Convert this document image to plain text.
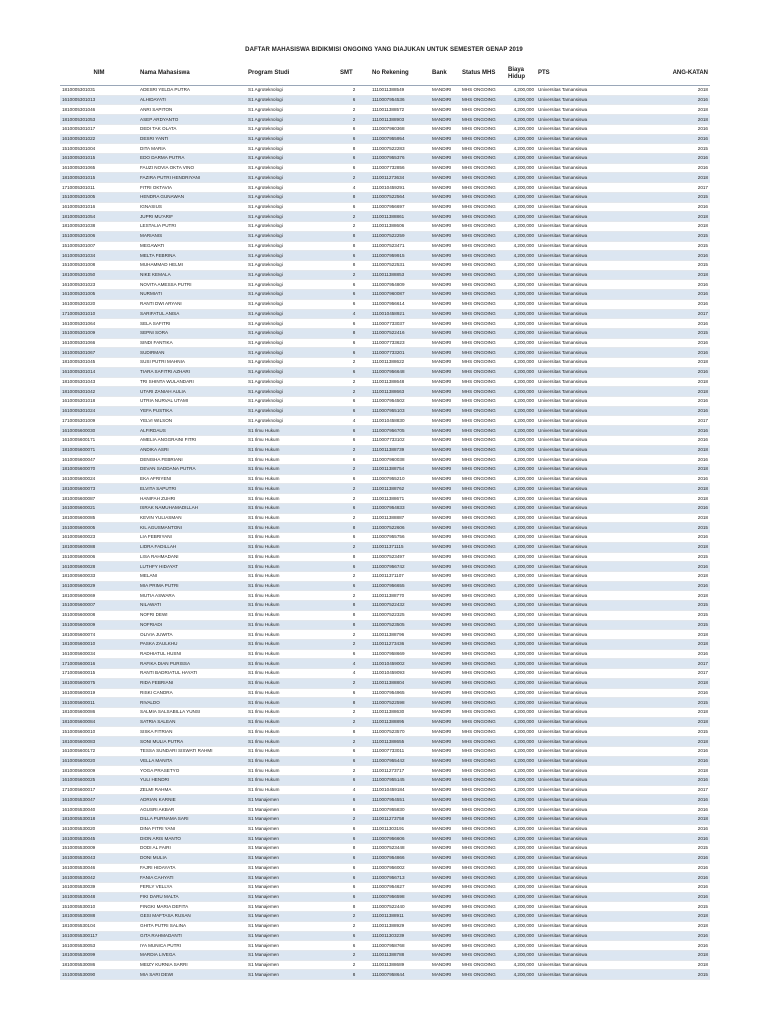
DAFTAR MAHASISWA BIDIKMISI ONGOING YANG DIAJUKAN UNTUK SEMESTER GENAP 2019
NIM	Nama Mahasiswa	Program Studi	SMT	No Rekening	Bank	Status MHS	Biaya Hidup	PTS	ANG-KATAN
1810005301031	ADESRI YELDA PUTRA	S1 Agroteknologi	2	1110011388549	MANDIRI	MHS ONGOING	4,200,000	Universitas Tamansiswa	2018
1610005301013	ALHIDAYATI	S1 Agroteknologi	6	1110007954536	MANDIRI	MHS ONGOING	4,200,000	Universitas Tamansiswa	2016
1810005301046	ANRI SAPITON	S1 Agroteknologi	2	1110011388572	MANDIRI	MHS ONGOING	4,200,000	Universitas Tamansiswa	2018
1810005301053	ASEP ARDYANTO	S1 Agroteknologi	2	1110011388903	MANDIRI	MHS ONGOING	4,200,000	Universitas Tamansiswa	2018
1610005301017	DEDI TAK OLATA	S1 Agroteknologi	6	1110007960368	MANDIRI	MHS ONGOING	4,200,000	Universitas Tamansiswa	2016
1610005301022	DESRI YANTI	S1 Agroteknologi	6	1110007955954	MANDIRI	MHS ONGOING	4,200,000	Universitas Tamansiswa	2016
1510005301004	DITA MARIA	S1 Agroteknologi	8	1110007522283	MANDIRI	MHS ONGOING	4,200,000	Universitas Tamansiswa	2015
1610005301015	EDO DARMA PUTRA	S1 Agroteknologi	6	1110007955376	MANDIRI	MHS ONGOING	4,200,000	Universitas Tamansiswa	2016
1610005301065	FAUZI NOVIA OKTA VINO	S1 Agroteknologi	6	1110007732856	MANDIRI	MHS ONGOING	4,200,000	Universitas Tamansiswa	2016
1810005301015	FAZIRA PUTRI HENDRIYANI	S1 Agroteknologi	2	1110011273634	MANDIRI	MHS ONGOING	4,200,000	Universitas Tamansiswa	2018
1710005301011	FITRI OKTAVIA	S1 Agroteknologi	4	1110010459291	MANDIRI	MHS ONGOING	4,200,000	Universitas Tamansiswa	2017
1510005301005	HENDRA GUNAWAN	S1 Agroteknologi	8	1110007522564	MANDIRI	MHS ONGOING	4,200,000	Universitas Tamansiswa	2015
1610005301016	IGNASIUS	S1 Agroteknologi	6	1110007956697	MANDIRI	MHS ONGOING	4,200,000	Universitas Tamansiswa	2016
1810005301054	JUPRI MU'ARIF	S1 Agroteknologi	2	1110011388861	MANDIRI	MHS ONGOING	4,200,000	Universitas Tamansiswa	2018
1810005301038	LESTALIA PUTRI	S1 Agroteknologi	2	1110011388606	MANDIRI	MHS ONGOING	4,200,000	Universitas Tamansiswa	2018
1510005301006	MARIANIS	S1 Agroteknologi	8	1110007522259	MANDIRI	MHS ONGOING	4,200,000	Universitas Tamansiswa	2015
1510005301007	MEGAWATI	S1 Agroteknologi	8	1110007523471	MANDIRI	MHS ONGOING	4,200,000	Universitas Tamansiswa	2015
1610005301034	MELTA FEBRINA	S1 Agroteknologi	6	1110007959915	MANDIRI	MHS ONGOING	4,200,000	Universitas Tamansiswa	2016
1510005301008	MUHAMMAD HELMI	S1 Agroteknologi	8	1110007522531	MANDIRI	MHS ONGOING	4,200,000	Universitas Tamansiswa	2015
1810005301050	NIKE KEMALA	S1 Agroteknologi	2	1110011388853	MANDIRI	MHS ONGOING	4,200,000	Universitas Tamansiswa	2018
1610005301023	NOVITA AMESSA PUTRI	S1 Agroteknologi	6	1110007954809	MANDIRI	MHS ONGOING	4,200,000	Universitas Tamansiswa	2016
1610005301005	NURMIATI	S1 Agroteknologi	6	1110007960087	MANDIRI	MHS ONGOING	4,200,000	Universitas Tamansiswa	2016
1610005301020	RANTI DWI ARYANI	S1 Agroteknologi	6	1110007956614	MANDIRI	MHS ONGOING	4,200,000	Universitas Tamansiswa	2016
1710005301010	SARIFATUL ANISA	S1 Agroteknologi	4	1110010458921	MANDIRI	MHS ONGOING	4,200,000	Universitas Tamansiswa	2017
1610005301064	SELA SAFITRI	S1 Agroteknologi	6	1110007733037	MANDIRI	MHS ONGOING	4,200,000	Universitas Tamansiswa	2016
1510005301009	SEPNI SORA	S1 Agroteknologi	8	1110007522416	MANDIRI	MHS ONGOING	4,200,000	Universitas Tamansiswa	2015
1610005301066	SINDI FANTIKA	S1 Agroteknologi	6	1110007733623	MANDIRI	MHS ONGOING	4,200,000	Universitas Tamansiswa	2016
1610005301067	SUDIRMAN	S1 Agroteknologi	6	1110007733201	MANDIRI	MHS ONGOING	4,200,000	Universitas Tamansiswa	2016
1810005301045	SUSI PUTRI MAHNIA	S1 Agroteknologi	2	1110011388622	MANDIRI	MHS ONGOING	4,200,000	Universitas Tamansiswa	2018
1610005301014	TIARA SAFITRI AZHARI	S1 Agroteknologi	6	1110007956648	MANDIRI	MHS ONGOING	4,200,000	Universitas Tamansiswa	2016
1810005301043	TRI SHINTA WULANDARI	S1 Agroteknologi	2	1110011388648	MANDIRI	MHS ONGOING	4,200,000	Universitas Tamansiswa	2018
1810005301042	UTARI ZANIAH AULIA	S1 Agroteknologi	2	1110011388663	MANDIRI	MHS ONGOING	4,200,000	Universitas Tamansiswa	2018
1610005301018	UTRIA NURVAL UTAMI	S1 Agroteknologi	6	1110007954502	MANDIRI	MHS ONGOING	4,200,000	Universitas Tamansiswa	2016
1610005301024	YEFA PUSTIKA	S1 Agroteknologi	6	1110007955103	MANDIRI	MHS ONGOING	4,200,000	Universitas Tamansiswa	2016
1710005301009	YELVI WILSON	S1 Agroteknologi	4	1110010458830	MANDIRI	MHS ONGOING	4,200,000	Universitas Tamansiswa	2017
1610005600030	ALFIRDAUS	S1 Ilmu Hukum	6	1110007956705	MANDIRI	MHS ONGOING	4,200,000	Universitas Tamansiswa	2016
1610005600171	AMELIA ANGGRAINI FITRI	S1 Ilmu Hukum	6	1110007733102	MANDIRI	MHS ONGOING	4,200,000	Universitas Tamansiswa	2016
1810005600071	ANDIKA ASRI	S1 Ilmu Hukum	2	1110011388739	MANDIRI	MHS ONGOING	4,200,000	Universitas Tamansiswa	2018
1610005600047	DENISHA FEBRIANI	S1 Ilmu Hukum	6	1110007960038	MANDIRI	MHS ONGOING	4,200,000	Universitas Tamansiswa	2016
1810005600070	DEVAN SADDANA PUTRA	S1 Ilmu Hukum	2	1110011388754	MANDIRI	MHS ONGOING	4,200,000	Universitas Tamansiswa	2018
1610005600024	EKA AFRIYENI	S1 Ilmu Hukum	6	1110007955210	MANDIRI	MHS ONGOING	4,200,000	Universitas Tamansiswa	2016
1810005600073	ELVITA SAPUTRI	S1 Ilmu Hukum	2	1110011388762	MANDIRI	MHS ONGOING	4,200,000	Universitas Tamansiswa	2018
1810005600087	HANIFAH ZUHRI	S1 Ilmu Hukum	2	1110011388671	MANDIRI	MHS ONGOING	4,200,000	Universitas Tamansiswa	2018
1610005600021	ISRAK NAMUHAMADILLAH	S1 Ilmu Hukum	6	1110007954833	MANDIRI	MHS ONGOING	4,200,000	Universitas Tamansiswa	2016
1810005600085	KEVIN YULIASMAN	S1 Ilmu Hukum	2	1110011388887	MANDIRI	MHS ONGOING	4,200,000	Universitas Tamansiswa	2018
1510005600005	KIL AGUSMANTONI	S1 Ilmu Hukum	8	1110007522606	MANDIRI	MHS ONGOING	4,200,000	Universitas Tamansiswa	2015
1610005600023	LIA FEBRIYANI	S1 Ilmu Hukum	6	1110007955756	MANDIRI	MHS ONGOING	4,200,000	Universitas Tamansiswa	2016
1810005600088	LIDRA FADILLAH	S1 Ilmu Hukum	2	1110011371115	MANDIRI	MHS ONGOING	4,200,000	Universitas Tamansiswa	2018
1510005600006	LISA RAHMADANI	S1 Ilmu Hukum	8	1110007523497	MANDIRI	MHS ONGOING	4,200,000	Universitas Tamansiswa	2015
1610005600028	LUTHFY HIDAYAT	S1 Ilmu Hukum	6	1110007956742	MANDIRI	MHS ONGOING	4,200,000	Universitas Tamansiswa	2016
1810005600033	MELANI	S1 Ilmu Hukum	2	1110011371107	MANDIRI	MHS ONGOING	4,200,000	Universitas Tamansiswa	2018
1610005600029	MIA PRIMA PUTRI	S1 Ilmu Hukum	6	1110007956655	MANDIRI	MHS ONGOING	4,200,000	Universitas Tamansiswa	2016
1810005600069	MUTIA ASWARA	S1 Ilmu Hukum	2	1110011388770	MANDIRI	MHS ONGOING	4,200,000	Universitas Tamansiswa	2018
1510005600007	NILAWATI	S1 Ilmu Hukum	8	1110007522432	MANDIRI	MHS ONGOING	4,200,000	Universitas Tamansiswa	2015
1510005600008	NOFRI DEWI	S1 Ilmu Hukum	8	1110007522325	MANDIRI	MHS ONGOING	4,200,000	Universitas Tamansiswa	2015
1510005600009	NOFRIADI	S1 Ilmu Hukum	8	1110007523505	MANDIRI	MHS ONGOING	4,200,000	Universitas Tamansiswa	2015
1810005600074	OLIVIA JUWITA	S1 Ilmu Hukum	2	1110011388796	MANDIRI	MHS ONGOING	4,200,000	Universitas Tamansiswa	2018
1810005600010	PASKA ZAULKHU	S1 Ilmu Hukum	2	1110011273436	MANDIRI	MHS ONGOING	4,200,000	Universitas Tamansiswa	2018
1610005600034	RADHIATUL HUSNI	S1 Ilmu Hukum	6	1110007958669	MANDIRI	MHS ONGOING	4,200,000	Universitas Tamansiswa	2016
1710005600016	RAFIKA DIAN PURISSA	S1 Ilmu Hukum	4	1110010459002	MANDIRI	MHS ONGOING	4,200,000	Universitas Tamansiswa	2017
1710005600015	RANTI BADRIATUL HAYATI	S1 Ilmu Hukum	4	1110010459093	MANDIRI	MHS ONGOING	4,200,000	Universitas Tamansiswa	2017
1810005600075	RIDA FEBRIANI	S1 Ilmu Hukum	2	1110011388804	MANDIRI	MHS ONGOING	4,200,000	Universitas Tamansiswa	2018
1610005600019	RISKI CANDRA	S1 Ilmu Hukum	6	1110007954965	MANDIRI	MHS ONGOING	4,200,000	Universitas Tamansiswa	2016
1510005600011	RIVALDO	S1 Ilmu Hukum	8	1110007522598	MANDIRI	MHS ONGOING	4,200,000	Universitas Tamansiswa	2015
1810005600086	SALMIA SALSABILLA YUNSI	S1 Ilmu Hukum	2	1110011388630	MANDIRI	MHS ONGOING	4,200,000	Universitas Tamansiswa	2018
1810005600084	SATRIA SALEAN	S1 Ilmu Hukum	2	1110011388895	MANDIRI	MHS ONGOING	4,200,000	Universitas Tamansiswa	2018
1510005600010	SISKA FITRIAN	S1 Ilmu Hukum	8	1110007523570	MANDIRI	MHS ONGOING	4,200,000	Universitas Tamansiswa	2015
1810005600083	SONI MULIA PUTRA	S1 Ilmu Hukum	2	1110011388655	MANDIRI	MHS ONGOING	4,200,000	Universitas Tamansiswa	2018
1610005600172	TESSA SUNDARI SISWATI RAHMI	S1 Ilmu Hukum	6	1110007733011	MANDIRI	MHS ONGOING	4,200,000	Universitas Tamansiswa	2016
1610005600020	VELLA MANITA	S1 Ilmu Hukum	6	1110007955442	MANDIRI	MHS ONGOING	4,200,000	Universitas Tamansiswa	2016
1810005600009	YOGA PRASETYO	S1 Ilmu Hukum	2	1110011273717	MANDIRI	MHS ONGOING	4,200,000	Universitas Tamansiswa	2018
1610005600025	YULI HENDRI	S1 Ilmu Hukum	6	1110007955145	MANDIRI	MHS ONGOING	4,200,000	Universitas Tamansiswa	2016
1710005600017	ZELMI RAHMA	S1 Ilmu Hukum	4	1110010459184	MANDIRI	MHS ONGOING	4,200,000	Universitas Tamansiswa	2017
1610005530047	ADRIAN KARNIE	S1 Manajemen	6	1110007954551	MANDIRI	MHS ONGOING	4,200,000	Universitas Tamansiswa	2016
1610005530040	AGUSRI AKBAR	S1 Manajemen	6	1110007955830	MANDIRI	MHS ONGOING	4,200,000	Universitas Tamansiswa	2016
1810005530018	DILLA PURNAMA SARI	S1 Manajemen	2	1110011273758	MANDIRI	MHS ONGOING	4,200,000	Universitas Tamansiswa	2018
1610005530020	DINA FITRI YANI	S1 Manajemen	6	1110011303191	MANDIRI	MHS ONGOING	4,200,000	Universitas Tamansiswa	2016
1610005530045	DION ARIS MANTO	S1 Manajemen	6	1110007956606	MANDIRI	MHS ONGOING	4,200,000	Universitas Tamansiswa	2016
1510005530009	DODI AL FAIRI	S1 Manajemen	8	1110007523448	MANDIRI	MHS ONGOING	4,200,000	Universitas Tamansiswa	2015
1610005530043	DONI MULIA	S1 Manajemen	6	1110007954866	MANDIRI	MHS ONGOING	4,200,000	Universitas Tamansiswa	2016
1610005530046	FAJRI HIDAYATA	S1 Manajemen	6	1110007956002	MANDIRI	MHS ONGOING	4,200,000	Universitas Tamansiswa	2016
1610005530042	FANIA CAHYATI	S1 Manajemen	6	1110007956713	MANDIRI	MHS ONGOING	4,200,000	Universitas Tamansiswa	2016
1610005530039	FERLY VELLYA	S1 Manajemen	6	1110007954627	MANDIRI	MHS ONGOING	4,200,000	Universitas Tamansiswa	2016
1610005530048	FIKI DARU MALTA	S1 Manajemen	6	1110007956598	MANDIRI	MHS ONGOING	4,200,000	Universitas Tamansiswa	2016
1510005530010	FINGKI MARIA DEFITA	S1 Manajemen	8	1110007522440	MANDIRI	MHS ONGOING	4,200,000	Universitas Tamansiswa	2015
1810005530088	GESI MAFTASA RUSAN	S1 Manajemen	2	1110011388911	MANDIRI	MHS ONGOING	4,200,000	Universitas Tamansiswa	2018
1810005530104	GHITA PUTRI SALINA	S1 Manajemen	2	1110011388929	MANDIRI	MHS ONGOING	4,200,000	Universitas Tamansiswa	2018
16100055300117	GITA RAHMADANTI	S1 Manajemen	6	1110011303239	MANDIRI	MHS ONGOING	4,200,000	Universitas Tamansiswa	2016
1610005530053	IYA MUNICA PUTRI	S1 Manajemen	6	1110007958768	MANDIRI	MHS ONGOING	4,200,000	Universitas Tamansiswa	2016
1810005530099	MARDIA LIVEGA	S1 Manajemen	2	1110011388788	MANDIRI	MHS ONGOING	4,200,000	Universitas Tamansiswa	2018
1810005530086	MEIZY KURNIA SARRI	S1 Manajemen	2	1110011388689	MANDIRI	MHS ONGOING	4,200,000	Universitas Tamansiswa	2018
1510005530090	MIA SARI DEWI	S1 Manajemen	8	1110007958644	MANDIRI	MHS ONGOING	4,200,000	Universitas Tamansiswa	2015
